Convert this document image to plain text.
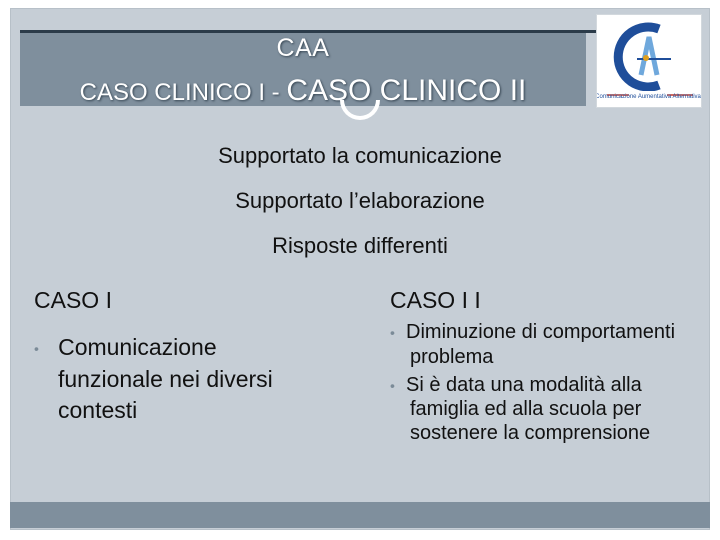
CAA
CASO CLINICO I - CASO CLINICO II	Comunicazione Aumentativa Alternativa
Supportato la comunicazione
Supportato l’elaborazione
Risposte differenti
CASO I
• Comunicazione funzionale nei diversi contesti
CASO I I
• Diminuzione di comportamenti problema
• Si è data una modalità alla famiglia ed alla scuola per sostenere la comprensione
